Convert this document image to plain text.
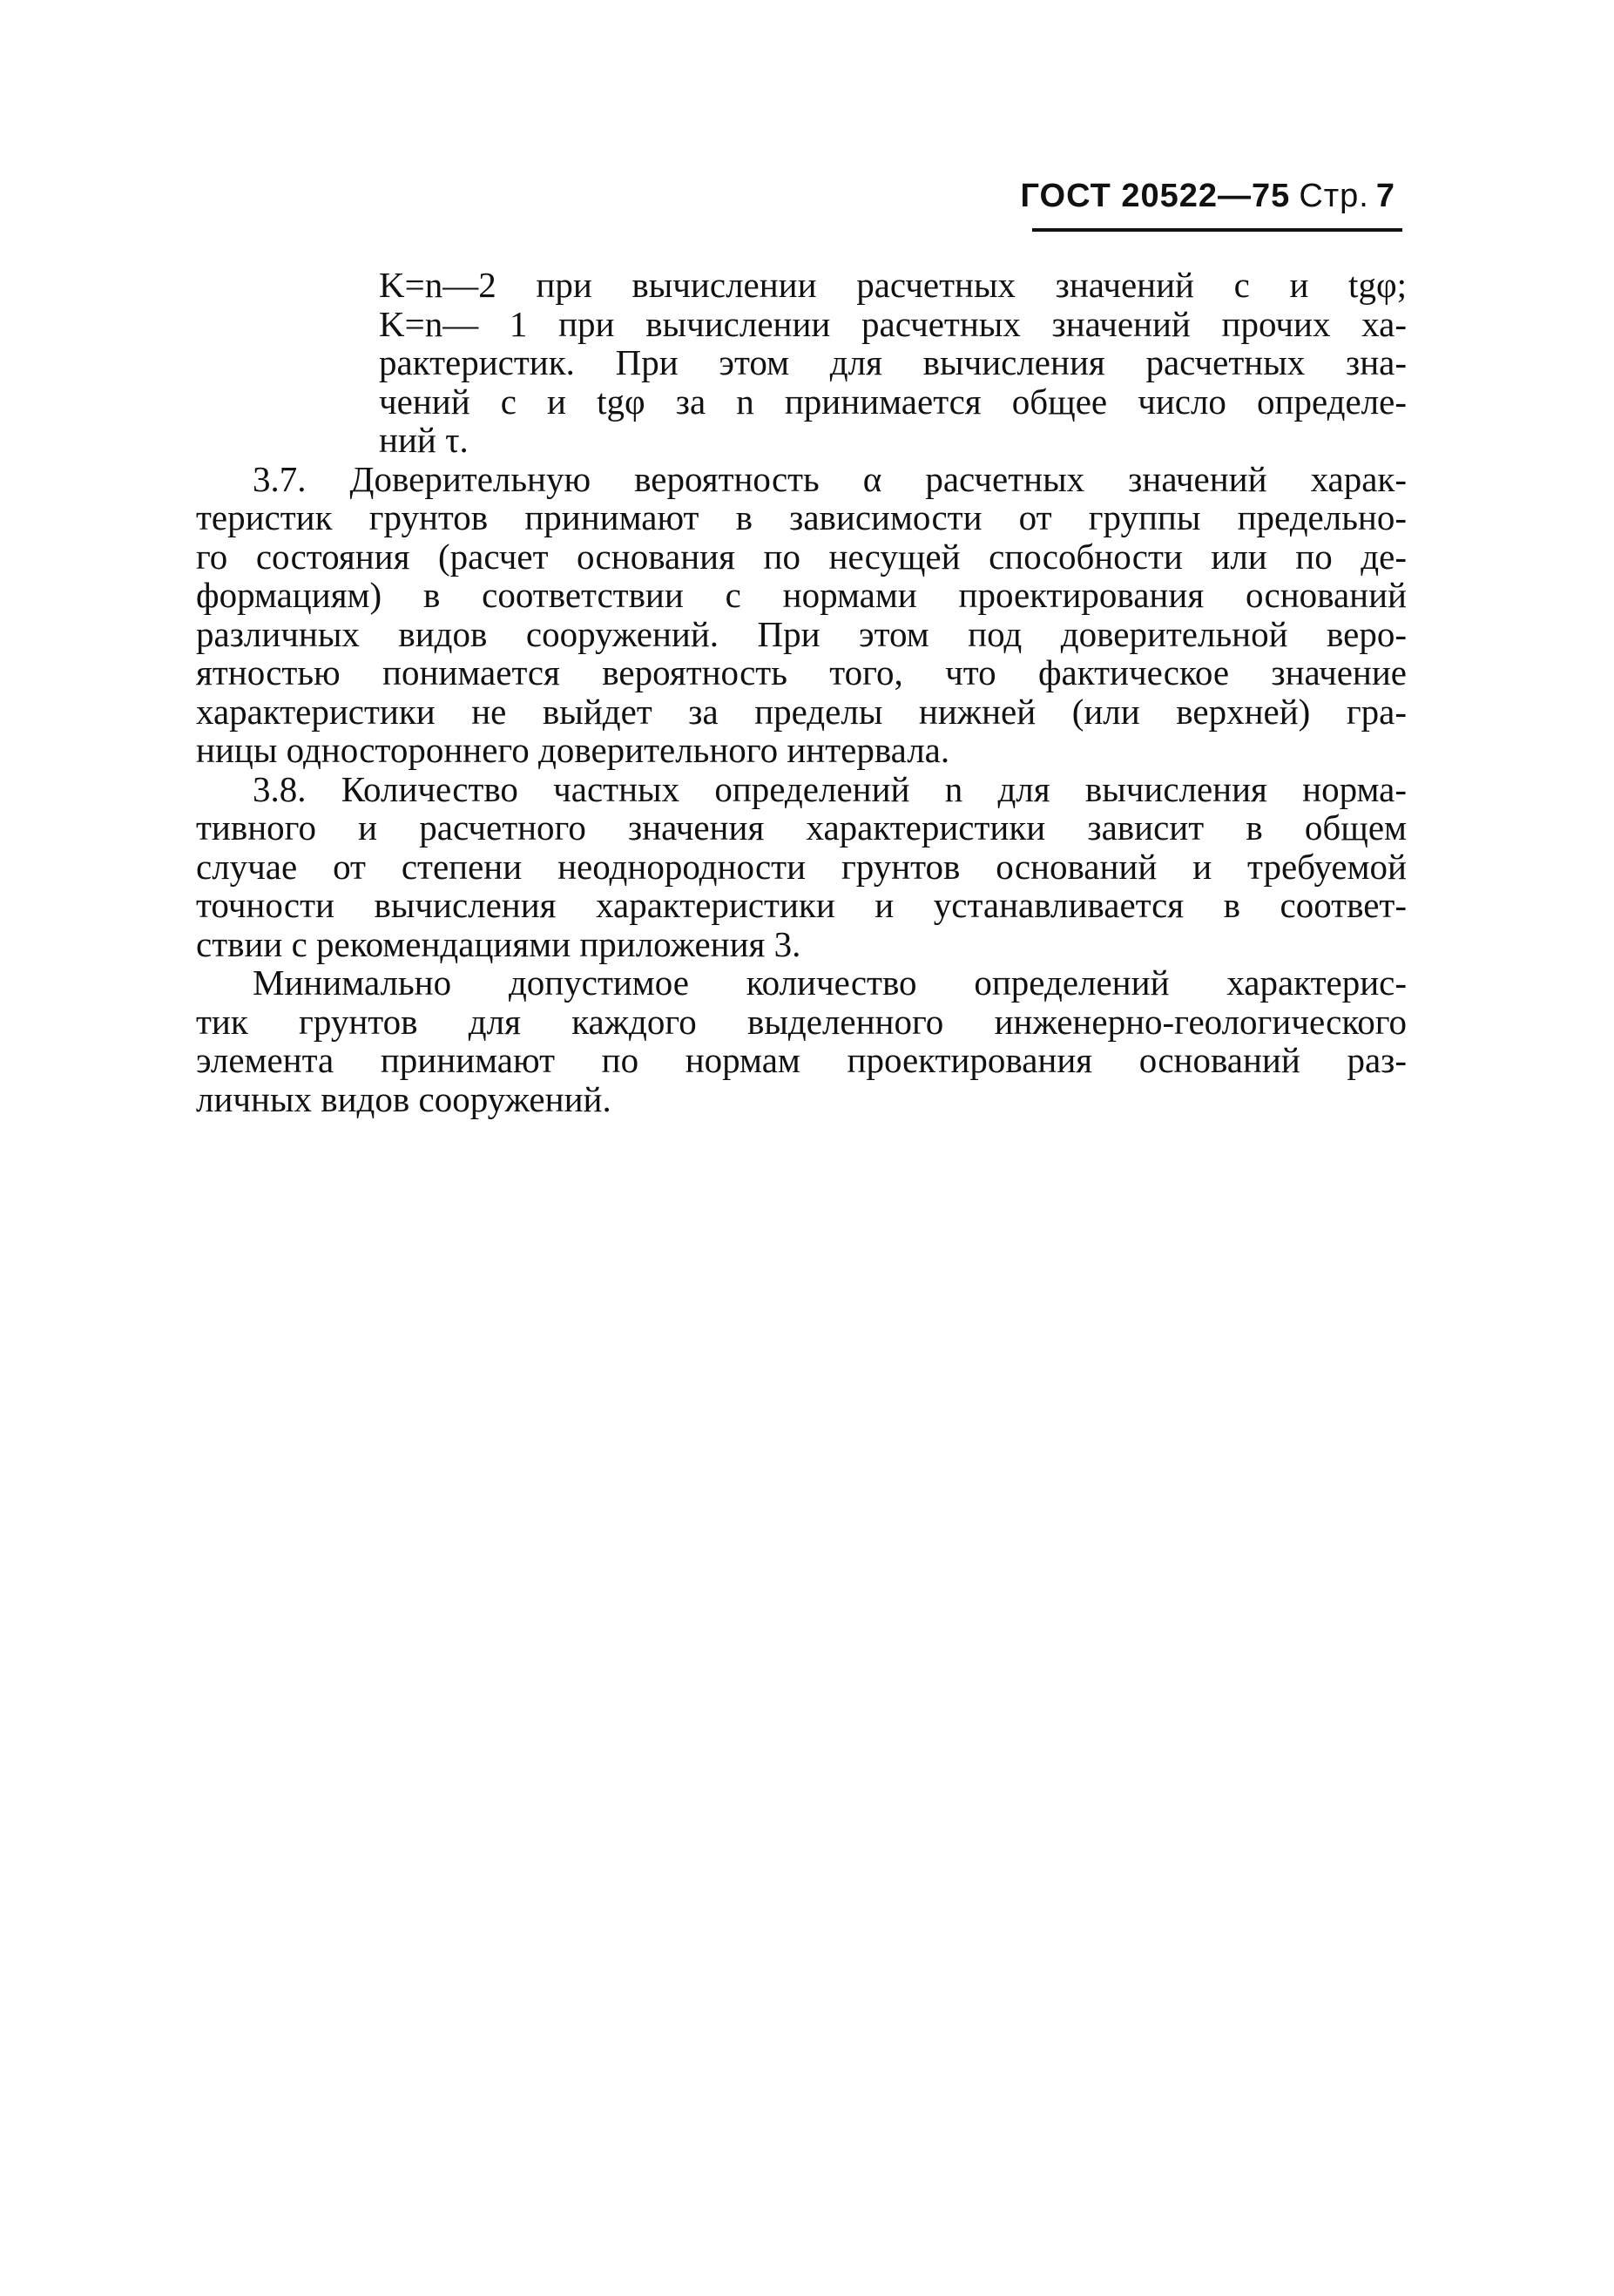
ГОСТ 20522—75 Стр. 7
K=n—2 при вычислении расчетных значений c и tgφ;
K=n— 1 при вычислении расчетных значений прочих ха-
рактеристик. При этом для вычисления расчетных зна-
чений c и tgφ за n принимается общее число определе-
ний τ.
3.7. Доверительную вероятность α расчетных значений харак-
теристик грунтов принимают в зависимости от группы предельно-
го состояния (расчет основания по несущей способности или по де-
формациям) в соответствии с нормами проектирования оснований
различных видов сооружений. При этом под доверительной веро-
ятностью понимается вероятность того, что фактическое значение
характеристики не выйдет за пределы нижней (или верхней) гра-
ницы одностороннего доверительного интервала.
3.8. Количество частных определений n для вычисления норма-
тивного и расчетного значения характеристики зависит в общем
случае от степени неоднородности грунтов оснований и требуемой
точности вычисления характеристики и устанавливается в соответ-
ствии с рекомендациями приложения 3.
Минимально допустимое количество определений характерис-
тик грунтов для каждого выделенного инженерно-геологического
элемента принимают по нормам проектирования оснований раз-
личных видов сооружений.
